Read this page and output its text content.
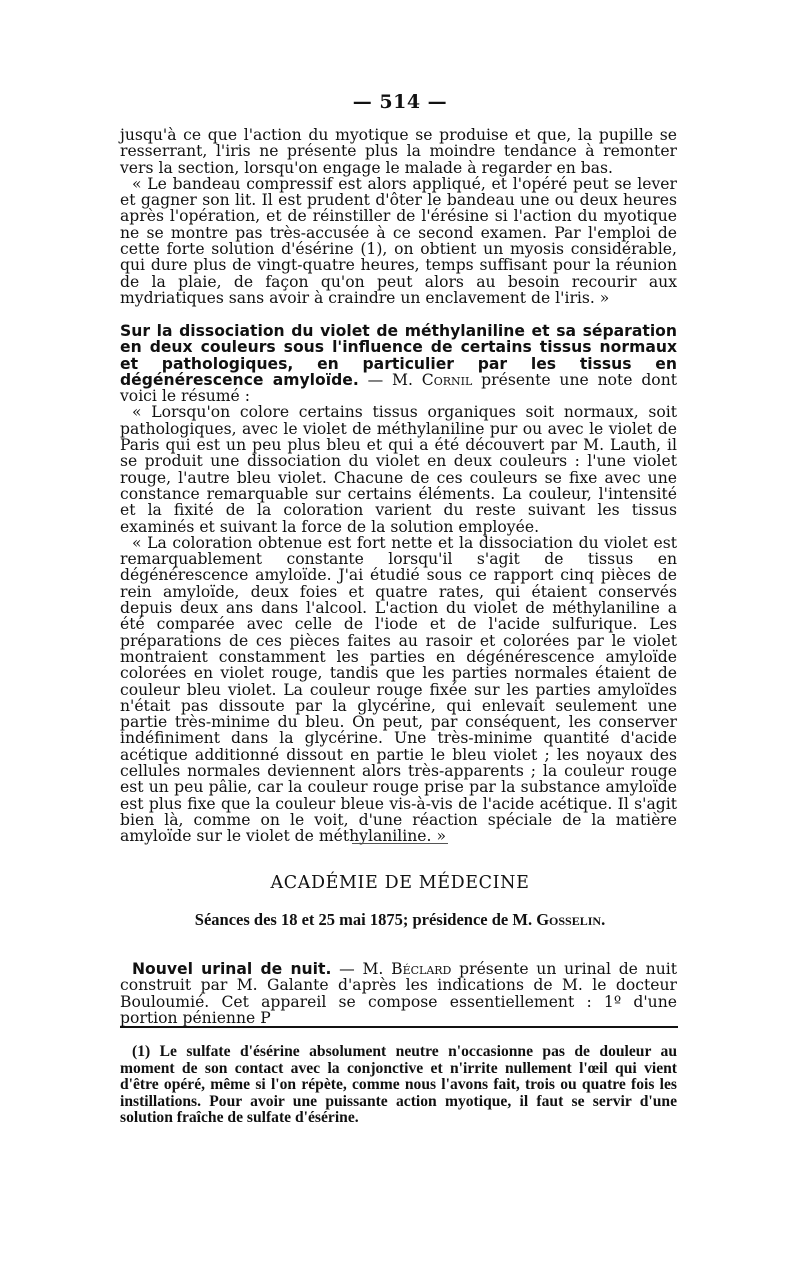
— 514 —

jusqu'à ce que l'action du myotique se produise et que, la pupille se resserrant, l'iris ne présente plus la moindre tendance à remonter vers la section, lorsqu'on engage le malade à regarder en bas.

« Le bandeau compressif est alors appliqué, et l'opéré peut se lever et gagner son lit. Il est prudent d'ôter le bandeau une ou deux heures après l'opération, et de réinstiller de l'érésine si l'action du myotique ne se montre pas très-accusée à ce second examen. Par l'emploi de cette forte solution d'ésérine (1), on obtient un myosis considérable, qui dure plus de vingt-quatre heures, temps suffisant pour la réunion de la plaie, de façon qu'on peut alors au besoin recourir aux mydriatiques sans avoir à craindre un enclavement de l'iris. »

Sur la dissociation du violet de méthylaniline et sa séparation en deux couleurs sous l'influence de certains tissus normaux et pathologiques, en particulier par les tissus en dégénérescence amyloïde. — M. Cornil présente une note dont voici le résumé :

« Lorsqu'on colore certains tissus organiques soit normaux, soit pathologiques, avec le violet de méthylaniline pur ou avec le violet de Paris qui est un peu plus bleu et qui a été découvert par M. Lauth, il se produit une dissociation du violet en deux couleurs : l'une violet rouge, l'autre bleu violet. Chacune de ces couleurs se fixe avec une constance remarquable sur certains éléments. La couleur, l'intensité et la fixité de la coloration varient du reste suivant les tissus examinés et suivant la force de la solution employée.

« La coloration obtenue est fort nette et la dissociation du violet est remarquablement constante lorsqu'il s'agit de tissus en dégénérescence amyloïde. J'ai étudié sous ce rapport cinq pièces de rein amyloïde, deux foies et quatre rates, qui étaient conservés depuis deux ans dans l'alcool. L'action du violet de méthylaniline a été comparée avec celle de l'iode et de l'acide sulfurique. Les préparations de ces pièces faites au rasoir et colorées par le violet montraient constamment les parties en dégénérescence amyloïde colorées en violet rouge, tandis que les parties normales étaient de couleur bleu violet. La couleur rouge fixée sur les parties amyloïdes n'était pas dissoute par la glycérine, qui enlevait seulement une partie très-minime du bleu. On peut, par conséquent, les conserver indéfiniment dans la glycérine. Une très-minime quantité d'acide acétique additionné dissout en partie le bleu violet ; les noyaux des cellules normales deviennent alors très-apparents ; la couleur rouge est un peu pâlie, car la couleur rouge prise par la substance amyloïde est plus fixe que la couleur bleue vis-à-vis de l'acide acétique. Il s'agit bien là, comme on le voit, d'une réaction spéciale de la matière amyloïde sur le violet de méthylaniline. »

ACADÉMIE DE MÉDECINE
Séances des 18 et 25 mai 1875; présidence de M. Gosselin.

Nouvel urinal de nuit. — M. Béclard présente un urinal de nuit construit par M. Galante d'après les indications de M. le docteur Bouloumié. Cet appareil se compose essentiellement : 1º d'une portion pénienne P

(1) Le sulfate d'ésérine absolument neutre n'occasionne pas de douleur au moment de son contact avec la conjonctive et n'irrite nullement l'œil qui vient d'être opéré, même si l'on répète, comme nous l'avons fait, trois ou quatre fois les instillations. Pour avoir une puissante action myotique, il faut se servir d'une solution fraîche de sulfate d'ésérine.
